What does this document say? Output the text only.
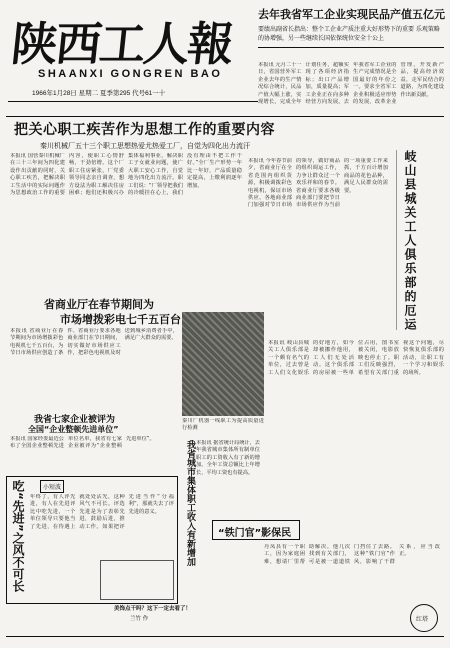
陕西工人報
SHAANXI GONGREN BAO
1966年1月28日 星期二 夏季第295 代号61一十
去年我省军工企业实现民品产值五亿元
要绩出副省长指出：整个工企业产质注重大好形势下的重要 乐观策略的协增强，另一些继续长国依保统位安全十公上
本报讯 元月二十一日，省国营外军工企业去年的生产情况综合统计，民品产值大幅上涨，实现增长，完成全年计划任务，超额实现了各项经济指标；出口产品增加，质量提高；军工企业正在向多种经营方向发展。去年我省军工企业的生产完成情况是全国最好的年份之一。要求全省军工企业积极适应形势的发展，改革企业管理，开发新产品，提高经济效益，走军民结合的道路，为四化建设作出新贡献。
把关心职工疾苦作为思想工作的重要内容
秦川机械厂五十三个职工思想热爱尤热爱工厂，自觉为四化出力流汗
本报讯 国营秦川机械厂在三十三年间为四化建设作出贡献的同时，关心职工疾苦，把解决职工生活中的实际问题作为思想政治工作的重要内容，使职工心情舒畅，干劲倍增。这个厂职工住房紧张，厂党委领导同志亲自调查，想方设法为职工解决住房困难；他们还积极兴办集体福利事业，解决职工子女就业问题，使广大职工安心工作，自觉地为四化出力流汗。职工们说：“厂领导把我们的冷暖挂在心上，我们没有理由不把工作干好。”全厂生产形势一年比一年好，产品质量稳定提高，上缴利润逐年增加。
秦川厂机器一线职工为提高质量进行检测
本报讯 今年春节前夕，省商业厅在全省范围内组织货源，积极调拨彩色电视机，保证市场供应。各地商业部门加强对节日市场的领导，做好商品的组织调运工作，力争让群众过一个欢乐祥和的春节。省商业厅要求各级商业部门要把节日市场供应作为当前的一项重要工作来抓，千方百计增加商品的花色品种，满足人民群众的需要。	岐山县城关工人俱乐部的厄运
省商业厅在春节期间为
市场增拨彩电七千五百台
本报讯 省商业厅在春节期间为市场增拨彩色电视机七千五百台，为节日市场供应创造了条件。省商业厅要求各地商业部门在节日期间，切实做好市场供应工作，把彩色电视机及时送到城乡消费者手中，满足广大群众的需要。
我省七家企业被评为
全国“企业整顿先进单位”
本报讯 国家经委最近公布了全国企业整顿先进单位名单，我省有七家企业被评为“企业整顿先进单位”。
吃“先进”之风不可长	小短波
年终了，有人评先进，有人在先进评比中吃先进，一个单位领导只要他当了先进，在待遇上就处处沾光，这种风气不可长。评选先进是为了表彰先进，鼓励后进，推动工作。如果把评先进当作“分福利”，那就失去了评先进的意义。
美饰点干吗？这下一定去看了！
兰竹 作
我省城市集体职工收入有新增加 本报讯 据省统计局统计，去年我省城市集体所有制单位职工的工资收入有了新的增加。全年工资总额比上年增长，平均工资也有提高。
本报讯 岐山县城关工人俱乐部是一个颇有名气的单位，过去曾是工人们文化娱乐的好地方，如今却被挪作他用，工人们无处活动。这个俱乐部的房屋被一些单位占用，图书室被关闭，电影放映也停止了。职工们反映强烈，希望有关部门重视这个问题，尽快恢复俱乐部的活动，让职工有一个学习和娱乐的场所。
“铁门官”影保民
丹凤县有一个职工，因为家庭困难，想请厂里帮助解决。他几次找到有关部门，可是被一道道铁门挡住了去路。这种“铁门官”作风，影响了干群关系，应当改正。
红塔
